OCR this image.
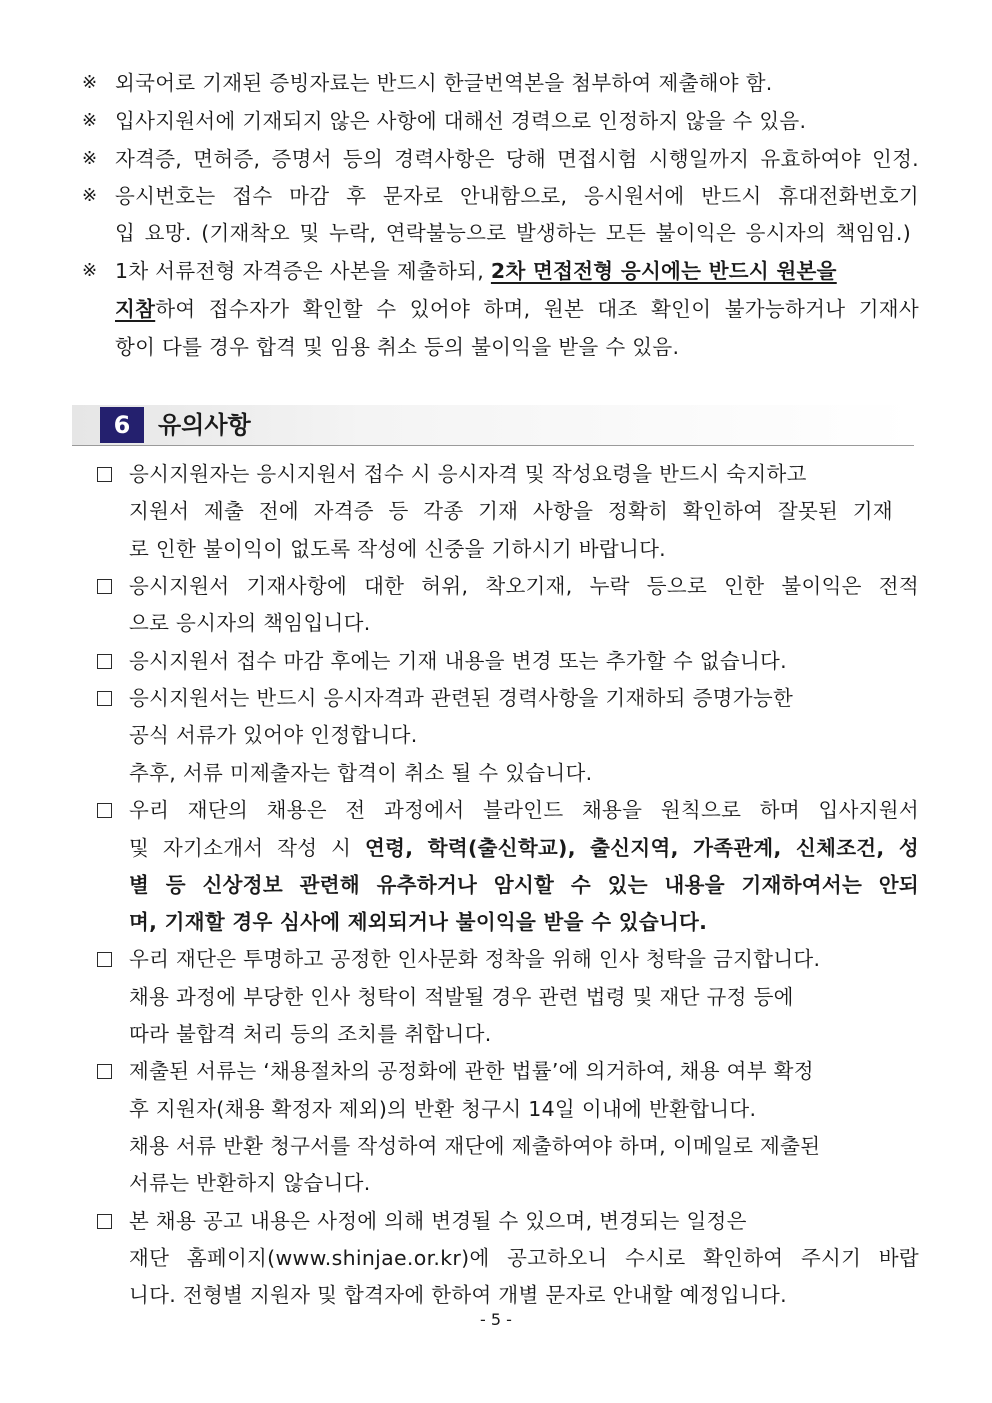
※ 외국어로 기재된 증빙자료는 반드시 한글번역본을 첨부하여 제출해야 함.
※ 입사지원서에 기재되지 않은 사항에 대해선 경력으로 인정하지 않을 수 있음.
※ 자격증, 면허증, 증명서 등의 경력사항은 당해 면접시험 시행일까지 유효하여야 인정.
※ 응시번호는 접수 마감 후 문자로 안내함으로, 응시원서에 반드시 휴대전화번호기
입 요망. (기재착오 및 누락, 연락불능으로 발생하는 모든 불이익은 응시자의 책임임.)
※ 1차 서류전형 자격증은 사본을 제출하되, 2차 면접전형 응시에는 반드시 원본을
지참하여 접수자가 확인할 수 있어야 하며, 원본 대조 확인이 불가능하거나 기재사
항이 다를 경우 합격 및 임용 취소 등의 불이익을 받을 수 있음.
6	유의사항
응시지원자는 응시지원서 접수 시 응시자격 및 작성요령을 반드시 숙지하고
지원서 제출 전에 자격증 등 각종 기재 사항을 정확히 확인하여 잘못된 기재
로 인한 불이익이 없도록 작성에 신중을 기하시기 바랍니다.
응시지원서 기재사항에 대한 허위, 착오기재, 누락 등으로 인한 불이익은 전적
으로 응시자의 책임입니다.
응시지원서 접수 마감 후에는 기재 내용을 변경 또는 추가할 수 없습니다.
응시지원서는 반드시 응시자격과 관련된 경력사항을 기재하되 증명가능한
공식 서류가 있어야 인정합니다.
추후, 서류 미제출자는 합격이 취소 될 수 있습니다.
우리 재단의 채용은 전 과정에서 블라인드 채용을 원칙으로 하며 입사지원서
및 자기소개서 작성 시 연령, 학력(출신학교), 출신지역, 가족관계, 신체조건, 성
별 등 신상정보 관련해 유추하거나 암시할 수 있는 내용을 기재하여서는 안되
며, 기재할 경우 심사에 제외되거나 불이익을 받을 수 있습니다.
우리 재단은 투명하고 공정한 인사문화 정착을 위해 인사 청탁을 금지합니다.
채용 과정에 부당한 인사 청탁이 적발될 경우 관련 법령 및 재단 규정 등에
따라 불합격 처리 등의 조치를 취합니다.
제출된 서류는 ‘채용절차의 공정화에 관한 법률’에 의거하여, 채용 여부 확정
후 지원자(채용 확정자 제외)의 반환 청구시 14일 이내에 반환합니다.
채용 서류 반환 청구서를 작성하여 재단에 제출하여야 하며, 이메일로 제출된
서류는 반환하지 않습니다.
본 채용 공고 내용은 사정에 의해 변경될 수 있으며, 변경되는 일정은
재단 홈페이지(www.shinjae.or.kr)에 공고하오니 수시로 확인하여 주시기 바랍
니다. 전형별 지원자 및 합격자에 한하여 개별 문자로 안내할 예정입니다.
- 5 -
